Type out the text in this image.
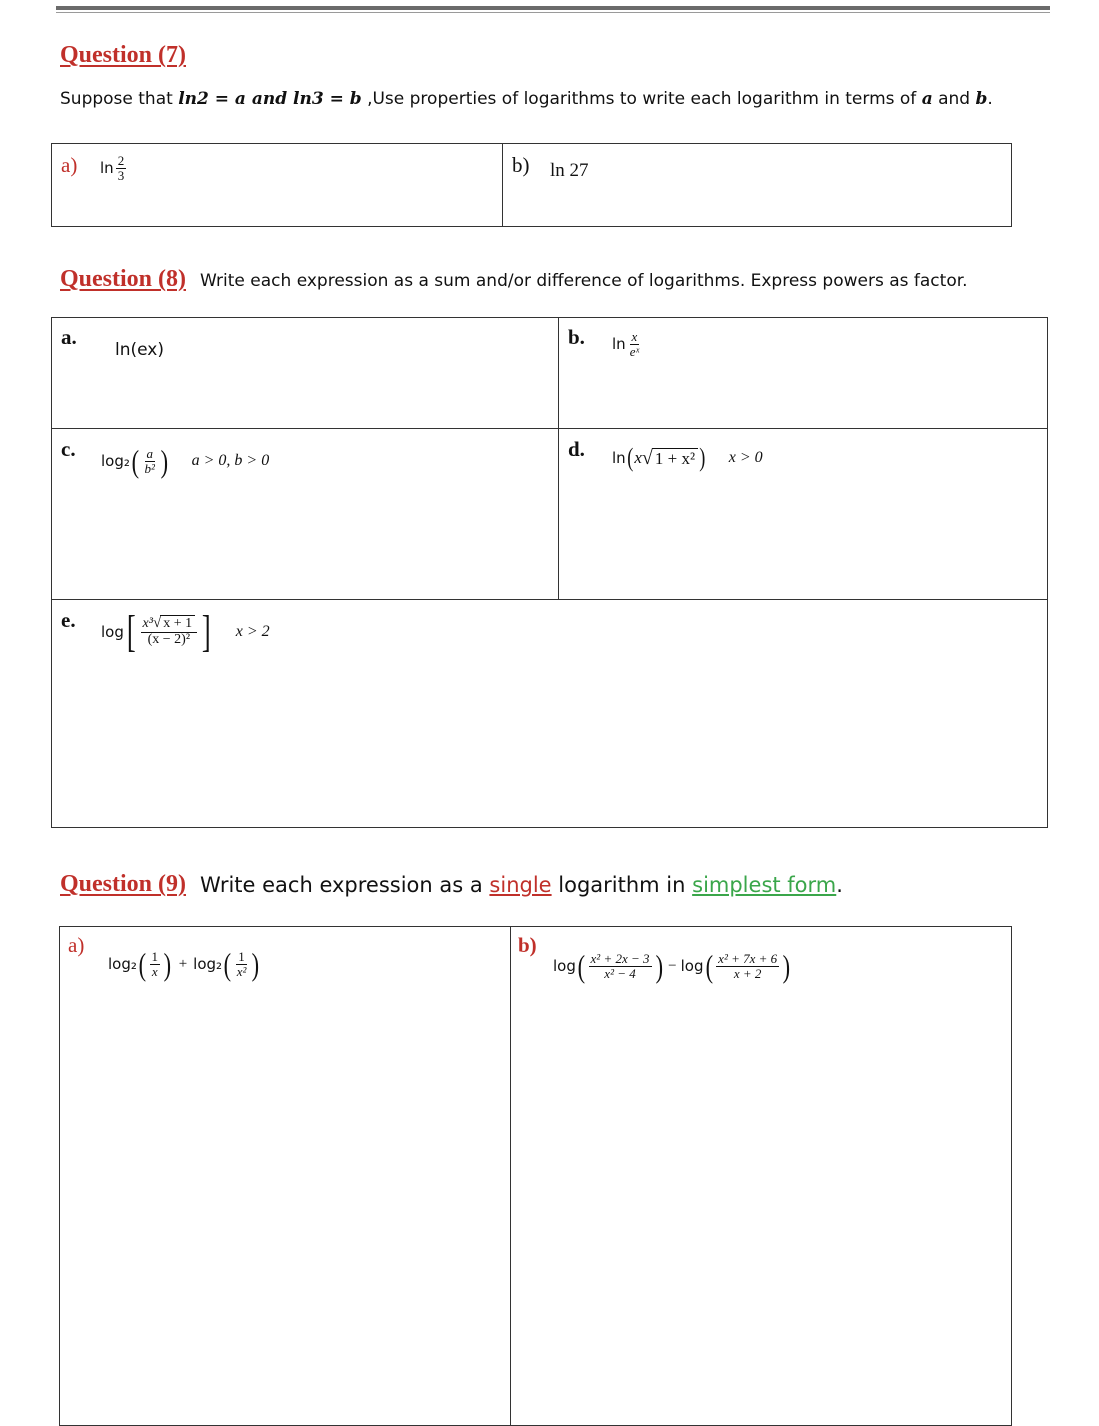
Question (7)
Suppose that ln2 = a and ln3 = b ,Use properties of logarithms to write each logarithm in terms of a and b.
a) $\ln \frac{2}{3}$	b) ln 27
Question (8) Write each expression as a sum and/or difference of logarithms. Express powers as factor.
a.
ln(ex)
b. $\ln \frac{x}{\text{eˣ}}$
c. log₂ ( $\frac{a}{\text{b²}}$ ) a > 0, b > 0	d. ln ( x √ 1 + x² ) x > 0
e. log [ $\frac{\text{x³√ x + 1}}{\text{(x − 2)²}}$ ] x > 2
Question (9) Write each expression as a single logarithm in simplest form.
a)
log₂ ( $\frac{1}{x}$ ) + log₂ ( $\frac{1}{\text{x²}}$ )
b)
log ( $\frac{\text{x² + 2x − 3}}{\text{x² − 4}}$ ) − log ( $\frac{\text{x² + 7x + 6}}{x + 2}$ )
